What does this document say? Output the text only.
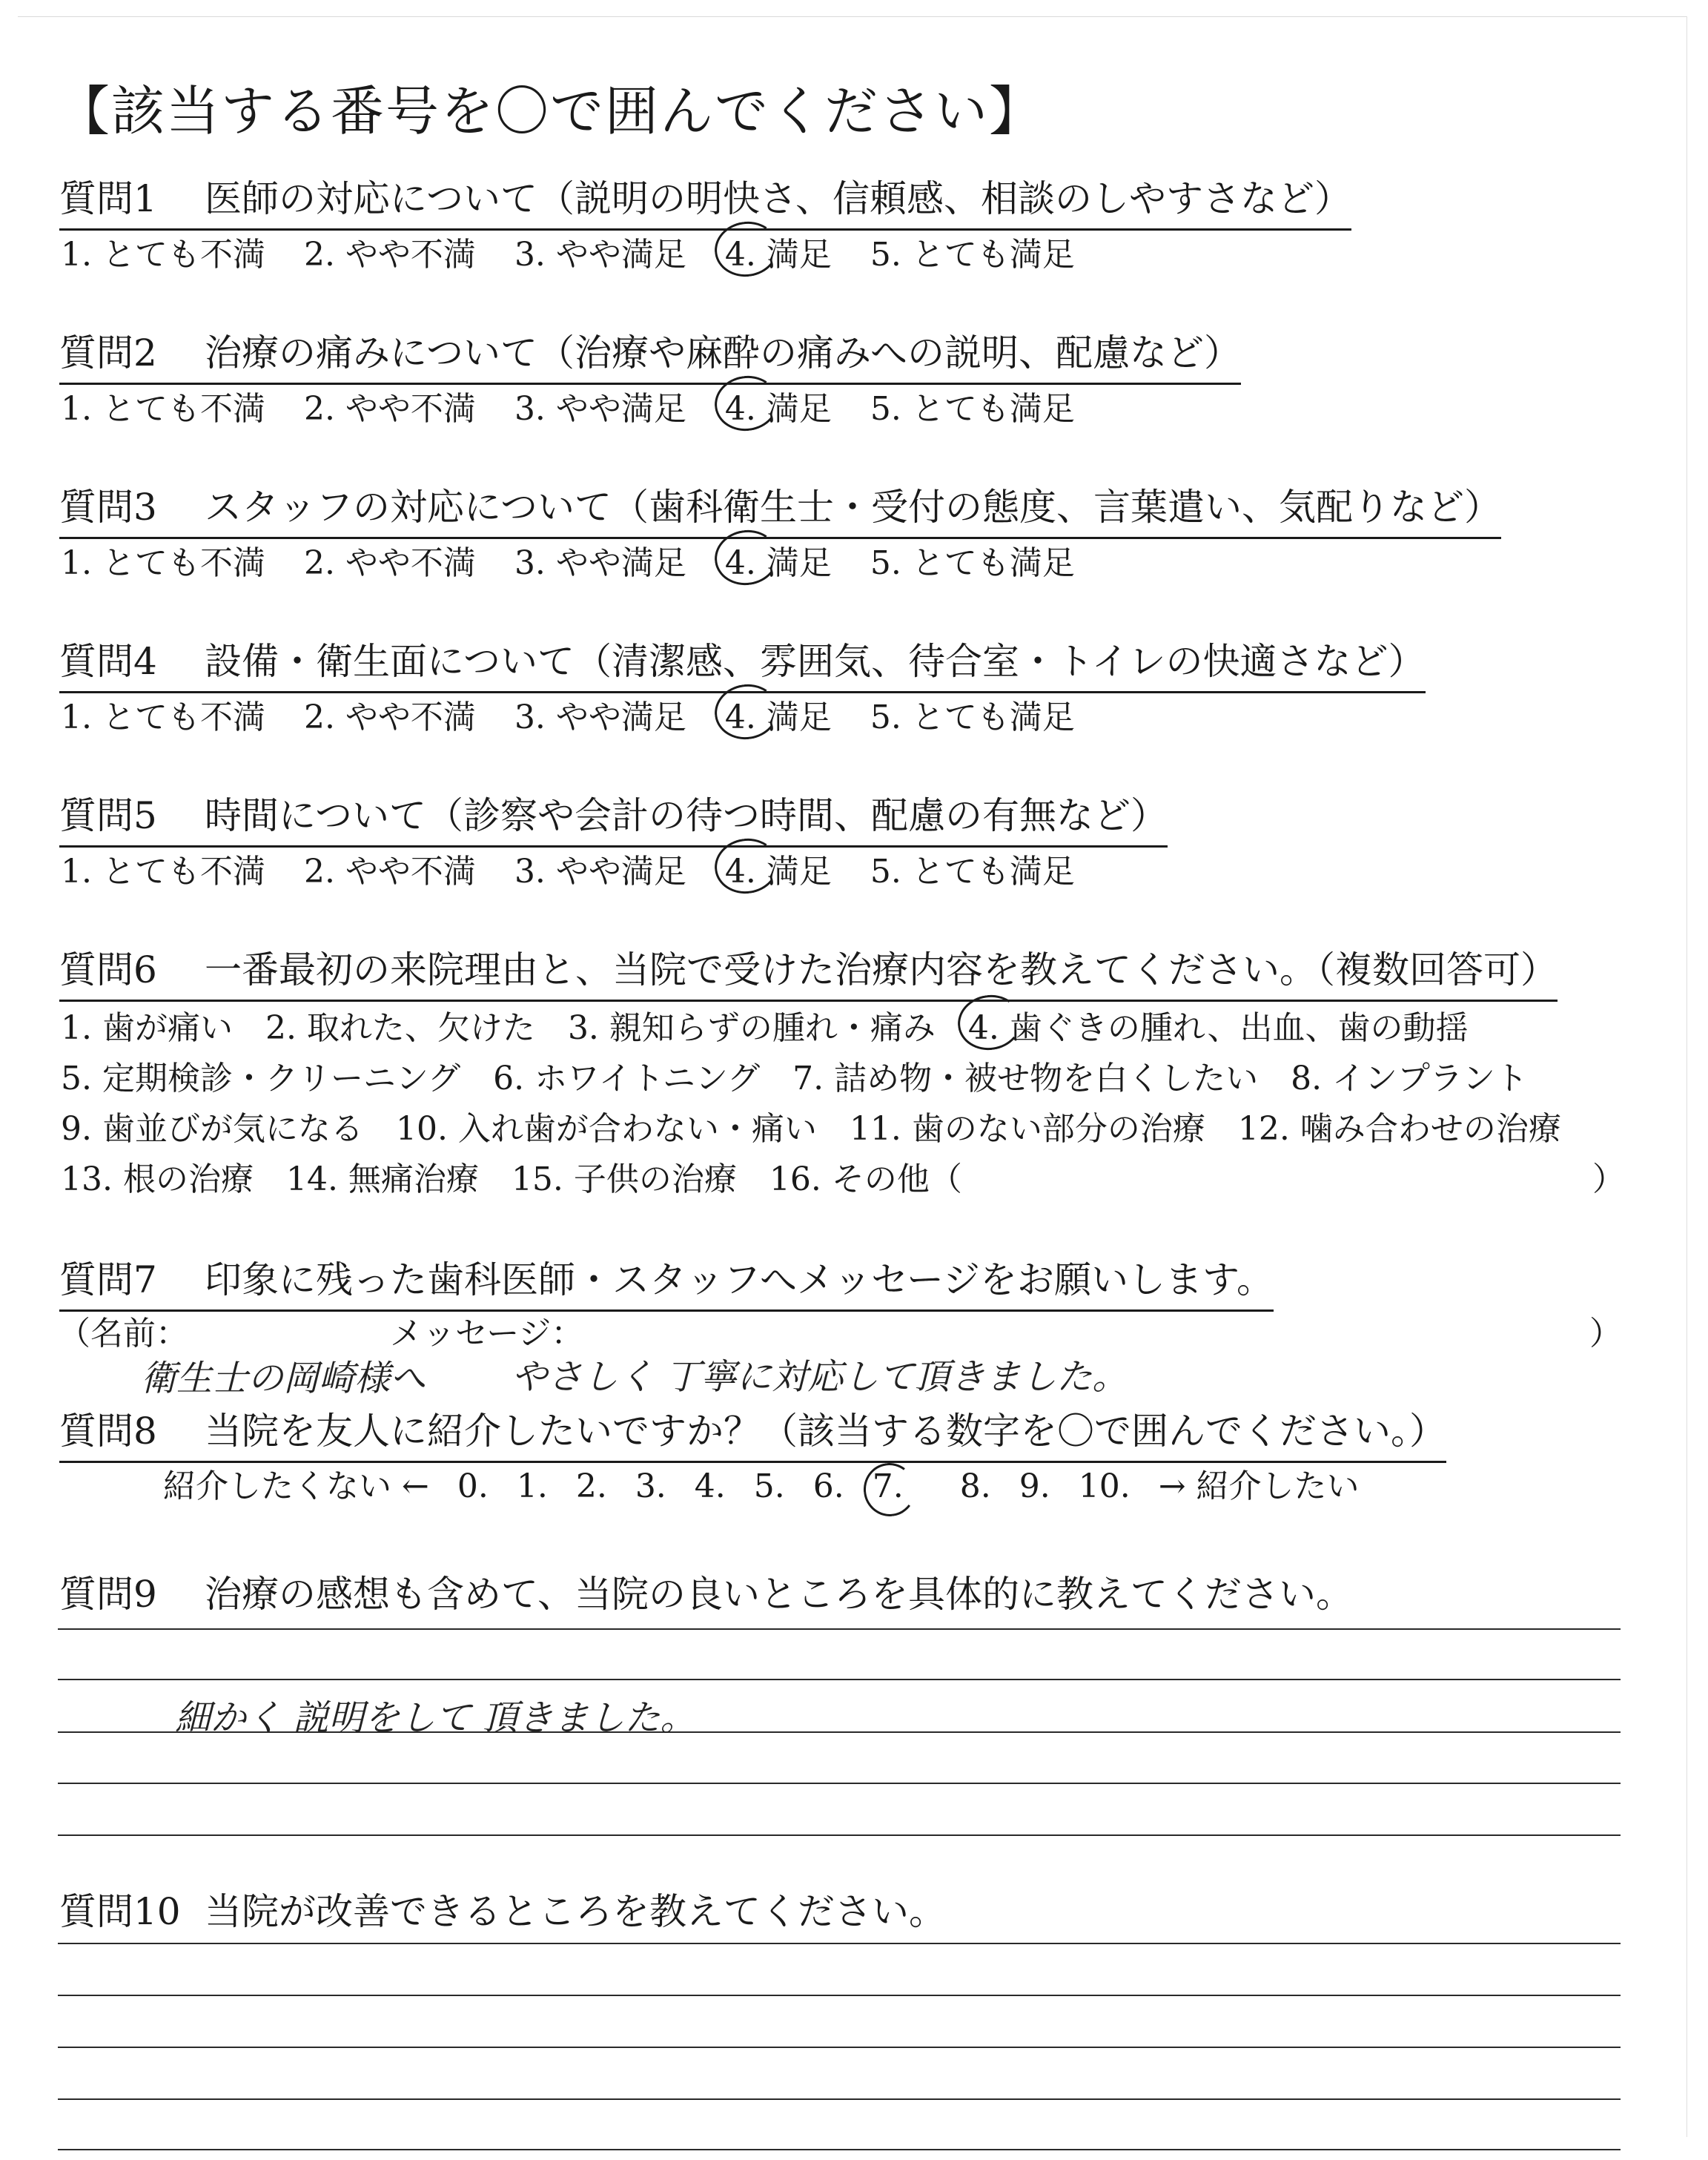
【該当する番号を〇で囲んでください】
質問1 医師の対応について（説明の明快さ、信頼感、相談のしやすさなど）
1. とても不満 2. やや不満 3. やや満足 4. 満足 5. とても満足
質問2 治療の痛みについて（治療や麻酔の痛みへの説明、配慮など）
1. とても不満 2. やや不満 3. やや満足 4. 満足 5. とても満足
質問3 スタッフの対応について（歯科衛生士・受付の態度、言葉遣い、気配りなど）
1. とても不満 2. やや不満 3. やや満足 4. 満足 5. とても満足
質問4 設備・衛生面について（清潔感、雰囲気、待合室・トイレの快適さなど）
1. とても不満 2. やや不満 3. やや満足 4. 満足 5. とても満足
質問5 時間について（診察や会計の待つ時間、配慮の有無など）
1. とても不満 2. やや不満 3. やや満足 4. 満足 5. とても満足
質問6 一番最初の来院理由と、当院で受けた治療内容を教えてください。（複数回答可）
1. 歯が痛い 2. 取れた、欠けた 3. 親知らずの腫れ・痛み 4. 歯ぐきの腫れ、出血、歯の動揺
5. 定期検診・クリーニング 6. ホワイトニング 7. 詰め物・被せ物を白くしたい 8. インプラント
9. 歯並びが気になる 10. 入れ歯が合わない・痛い 11. 歯のない部分の治療 12. 噛み合わせの治療
13. 根の治療 14. 無痛治療 15. 子供の治療 16. その他（	）
質問7 印象に残った歯科医師・スタッフへメッセージをお願いします。
（名前：	メッセージ：	）
衛生士の岡崎様へ やさしく 丁寧に対応して頂きました。
質問8 当院を友人に紹介したいですか？（該当する数字を〇で囲んでください。）
紹介したくない ← 0. 1. 2. 3. 4. 5. 6. 7. 8. 9. 10. → 紹介したい
質問9 治療の感想も含めて、当院の良いところを具体的に教えてください。
細かく 説明をして 頂きました。
質問10 当院が改善できるところを教えてください。
